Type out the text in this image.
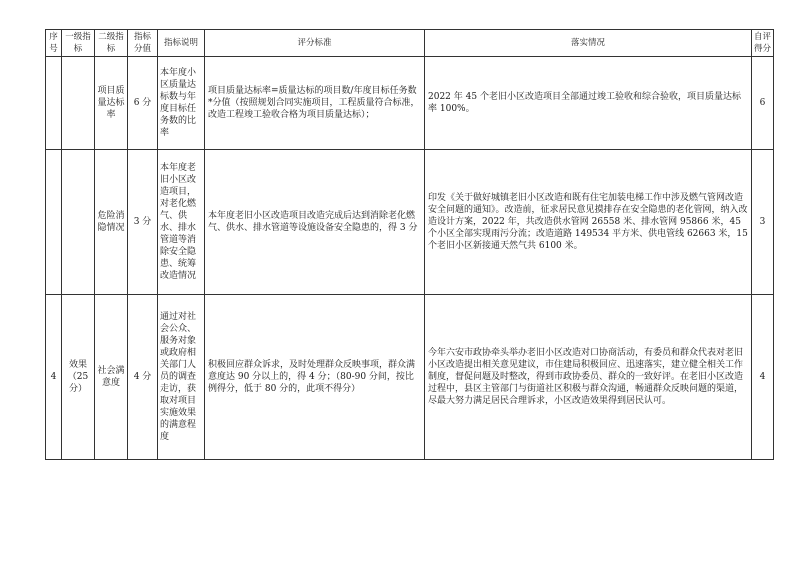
序号	一级指标	二级指标	指标分值	指标说明	评分标准	落实情况	自评得分
		项目质量达标率	6 分	本年度小区质量达标数与年度目标任务数的比率	项目质量达标率=质量达标的项目数/年度目标任务数*分值（按照规划合同实施项目，工程质量符合标准，改造工程竣工验收合格为项目质量达标）；	2022 年 45 个老旧小区改造项目全部通过竣工验收和综合验收，项目质量达标率 100%。	6
		危险消隐情况	3 分	本年度老旧小区改造项目，对老化燃气、供水、排水管道等消除安全隐患、统筹改造情况	本年度老旧小区改造项目改造完成后达到消除老化燃气、供水、排水管道等设施设备安全隐患的，得 3 分	印发《关于做好城镇老旧小区改造和既有住宅加装电梯工作中涉及燃气管网改造安全问题的通知》。改造前，征求居民意见摸排存在安全隐患的老化管网，纳入改造设计方案，2022 年，共改造供水管网 26558 米、排水管网 95866 米，45 个小区全部实现雨污分流；改造道路 149534 平方米、供电管线 62663 米，15 个老旧小区新接通天然气共 6100 米。	3
4	效果（25分）	社会满意度	4 分	通过对社会公众、服务对象或政府相关部门人员的调查走访，获取对项目实施效果的满意程度	积极回应群众诉求，及时处理群众反映事项，群众满意度达 90 分以上的，得 4 分；（80-90 分间，按比例得分，低于 80 分的，此项不得分）	今年六安市政协牵头举办老旧小区改造对口协商活动，有委员和群众代表对老旧小区改造提出相关意见建议，市住建局积极回应、迅速落实，建立健全相关工作制度，督促问题及时整改，得到市政协委员、群众的一致好评。在老旧小区改造过程中，县区主管部门与街道社区积极与群众沟通，畅通群众反映问题的渠道，尽最大努力满足居民合理诉求，小区改造效果得到居民认可。	4
